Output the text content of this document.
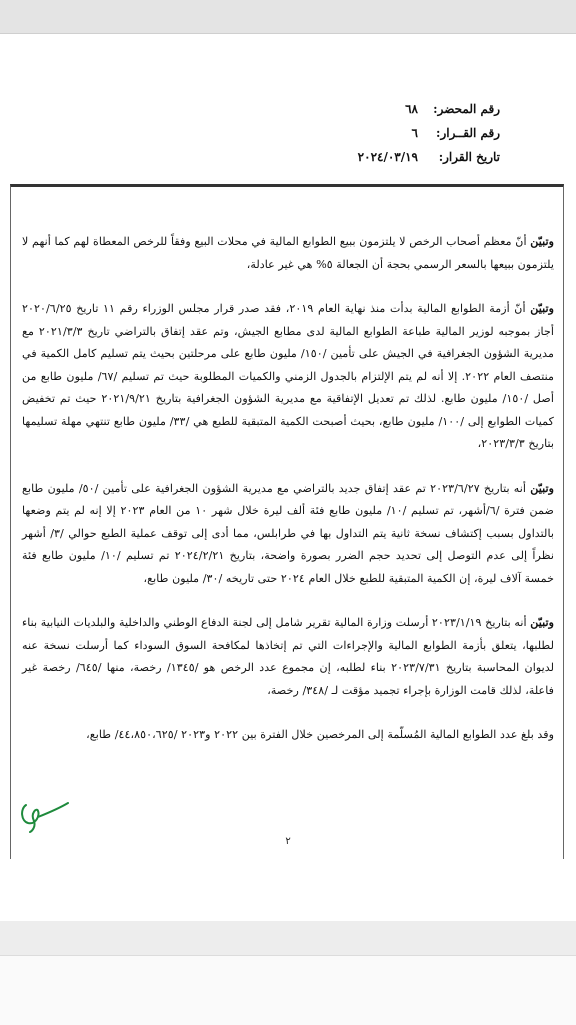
رقم المحضر:
٦٨
رقم القــرار:
٦
تاريخ القرار:
٢٠٢٤/٠٣/١٩

وتبيّن أنّ معظم أصحاب الرخص لا يلتزمون ببيع الطوابع المالية في محلات البيع وفقاً للرخص المعطاة لهم كما أنهم لا يلتزمون ببيعها بالسعر الرسمي بحجة أن الجعالة ٥% هي غير عادلة،

وتبيّن أنّ أزمة الطوابع المالية بدأت منذ نهاية العام ٢٠١٩، فقد صدر قرار مجلس الوزراء رقم ١١ تاريخ ٢٠٢٠/٦/٢٥ أجاز بموجبه لوزير المالية طباعة الطوابع المالية لدى مطابع الجيش، وتم عقد إتفاق بالتراضي تاريخ ٢٠٢١/٣/٣ مع مديرية الشؤون الجغرافية في الجيش على تأمين /١٥٠/ مليون طابع على مرحلتين بحيث يتم تسليم كامل الكمية في منتصف العام ٢٠٢٢. إلا أنه لم يتم الإلتزام بالجدول الزمني والكميات المطلوبة حيث تم تسليم /٦٧/ مليون طابع من أصل /١٥٠/ مليون طابع. لذلك تم تعديل الإتفاقية مع مديرية الشؤون الجغرافية بتاريخ ٢٠٢١/٩/٢١ حيث تم تخفيض كميات الطوابع إلى /١٠٠/ مليون طابع، بحيث أصبحت الكمية المتبقية للطبع هي /٣٣/ مليون طابع تنتهي مهلة تسليمها بتاريخ ٢٠٢٣/٣/٣،

وتبيّن أنه بتاريخ ٢٠٢٣/٦/٢٧ تم عقد إتفاق جديد بالتراضي مع مديرية الشؤون الجغرافية على تأمين /٥٠/ مليون طابع ضمن فترة /٦/أشهر، تم تسليم /١٠/ مليون طابع فئة ألف ليرة خلال شهر ١٠ من العام ٢٠٢٣ إلا إنه لم يتم وضعها بالتداول بسبب إكتشاف نسخة ثانية يتم التداول بها في طرابلس، مما أدى إلى توقف عملية الطبع حوالي /٣/ أشهر نظراً إلى عدم التوصل إلى تحديد حجم الضرر بصورة واضحة، بتاريخ ٢٠٢٤/٢/٢١ تم تسليم /١٠/ مليون طابع فئة خمسة آلاف ليرة، إن الكمية المتبقية للطبع خلال العام ٢٠٢٤ حتى تاريخه /٣٠/ مليون طابع،

وتبيّن أنه بتاريخ ٢٠٢٣/١/١٩ أرسلت وزارة المالية تقرير شامل إلى لجنة الدفاع الوطني والداخلية والبلديات النيابية بناء لطلبها، يتعلق بأزمة الطوابع المالية والإجراءات التي تم إتخاذها لمكافحة السوق السوداء كما أرسلت نسخة عنه لديوان المحاسبة بتاريخ ٢٠٢٣/٧/٣١ بناء لطلبه، إن مجموع عدد الرخص هو /١٣٤٥/ رخصة، منها /٦٤٥/ رخصة غير فاعلة، لذلك قامت الوزارة بإجراء تجميد مؤقت لـ /٣٤٨/ رخصة،

وقد بلغ عدد الطوابع المالية المُسلّمة إلى المرخصين خلال الفترة بين ٢٠٢٢ و٢٠٢٣ /٤٤،٨٥٠،٦٢٥/ طابع،

٢
